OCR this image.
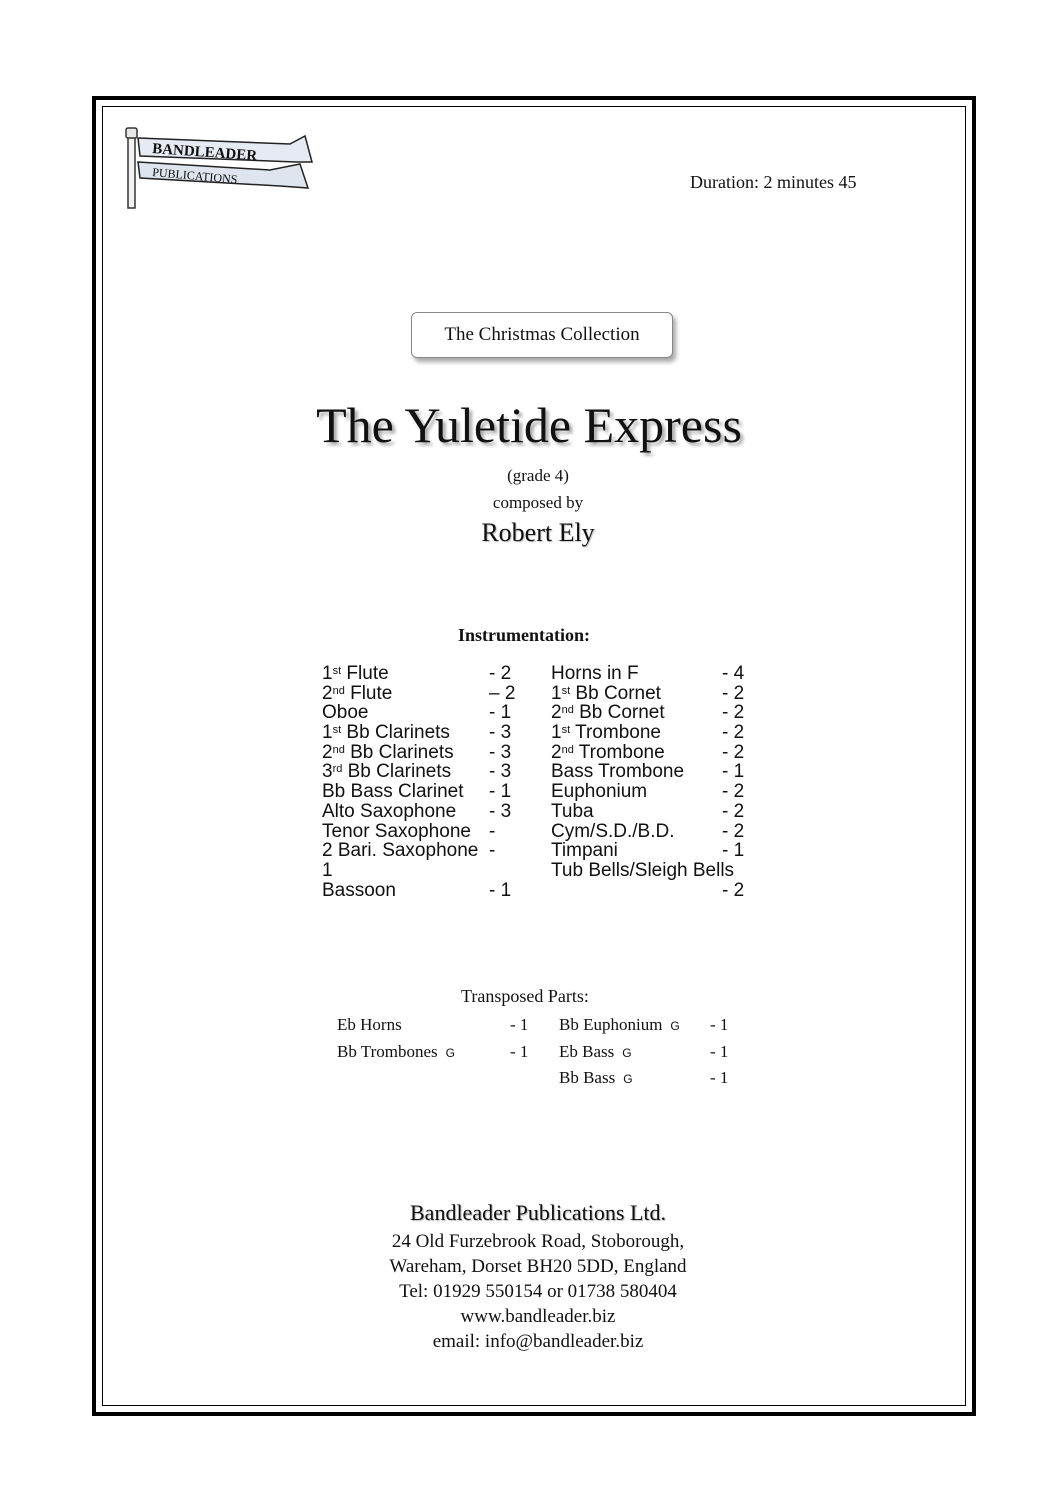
BANDLEADER
PUBLICATIONS	Duration: 2 minutes 45
The Christmas Collection
The Yuletide Express
(grade 4)
composed by
Robert Ely
Instrumentation:
1st Flute	- 2
2nd Flute	– 2
Oboe	- 1
1st Bb Clarinets - 3
2nd Bb Clarinets - 3
3rd Bb Clarinets - 3
Bb Bass Clarinet - 1
Alto Saxophone - 3
Tenor Saxophone -
2 Bari. Saxophone -
1
Bassoon	- 1
Horns in F	- 4
1st Bb Cornet	- 2
2nd Bb Cornet	- 2
1st Trombone	- 2
2nd Trombone	- 2
Bass Trombone - 1
Euphonium	- 2
Tuba	- 2
Cym/S.D./B.D. - 2
Timpani	- 1
Tub Bells/Sleigh Bells
- 2
Transposed Parts:
Eb Horns	- 1
Bb Trombones G	- 1
Bb Euphonium G - 1
Eb Bass G	- 1
Bb Bass G	- 1
Bandleader Publications Ltd.
24 Old Furzebrook Road, Stoborough,
Wareham, Dorset BH20 5DD, England
Tel: 01929 550154 or 01738 580404
www.bandleader.biz
email: info@bandleader.biz
